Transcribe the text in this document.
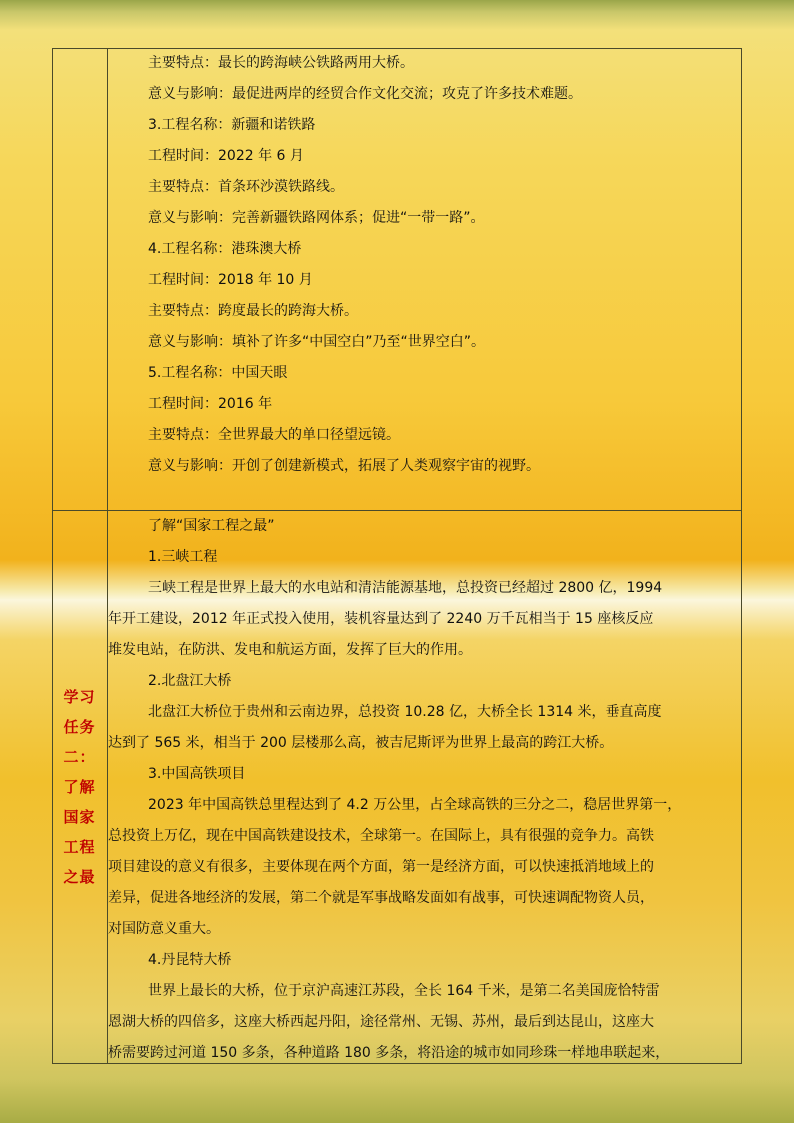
主要特点：最长的跨海峡公铁路两用大桥。
意义与影响：最促进两岸的经贸合作文化交流；攻克了许多技术难题。
3.工程名称：新疆和诺铁路
工程时间：2022 年 6 月
主要特点：首条环沙漠铁路线。
意义与影响：完善新疆铁路网体系；促进“一带一路”。
4.工程名称：港珠澳大桥
工程时间：2018 年 10 月
主要特点：跨度最长的跨海大桥。
意义与影响：填补了许多“中国空白”乃至“世界空白”。
5.工程名称：中国天眼
工程时间：2016 年
主要特点：全世界最大的单口径望远镜。
意义与影响：开创了创建新模式，拓展了人类观察宇宙的视野。
学习
任务
二：
了解
国家
工程
之最
了解“国家工程之最”
1.三峡工程
三峡工程是世界上最大的水电站和清洁能源基地，总投资已经超过 2800 亿，1994
年开工建设，2012 年正式投入使用，装机容量达到了 2240 万千瓦相当于 15 座核反应
堆发电站，在防洪、发电和航运方面，发挥了巨大的作用。
2.北盘江大桥
北盘江大桥位于贵州和云南边界，总投资 10.28 亿，大桥全长 1314 米，垂直高度
达到了 565 米，相当于 200 层楼那么高，被吉尼斯评为世界上最高的跨江大桥。
3.中国高铁项目
2023 年中国高铁总里程达到了 4.2 万公里，占全球高铁的三分之二，稳居世界第一，
总投资上万亿，现在中国高铁建设技术，全球第一。在国际上，具有很强的竞争力。高铁
项目建设的意义有很多，主要体现在两个方面，第一是经济方面，可以快速抵消地域上的
差异，促进各地经济的发展，第二个就是军事战略发面如有战事，可快速调配物资人员，
对国防意义重大。
4.丹昆特大桥
世界上最长的大桥，位于京沪高速江苏段，全长 164 千米，是第二名美国庞恰特雷
恩湖大桥的四倍多，这座大桥西起丹阳，途径常州、无锡、苏州，最后到达昆山，这座大
桥需要跨过河道 150 多条，各种道路 180 多条，将沿途的城市如同珍珠一样地串联起来，
